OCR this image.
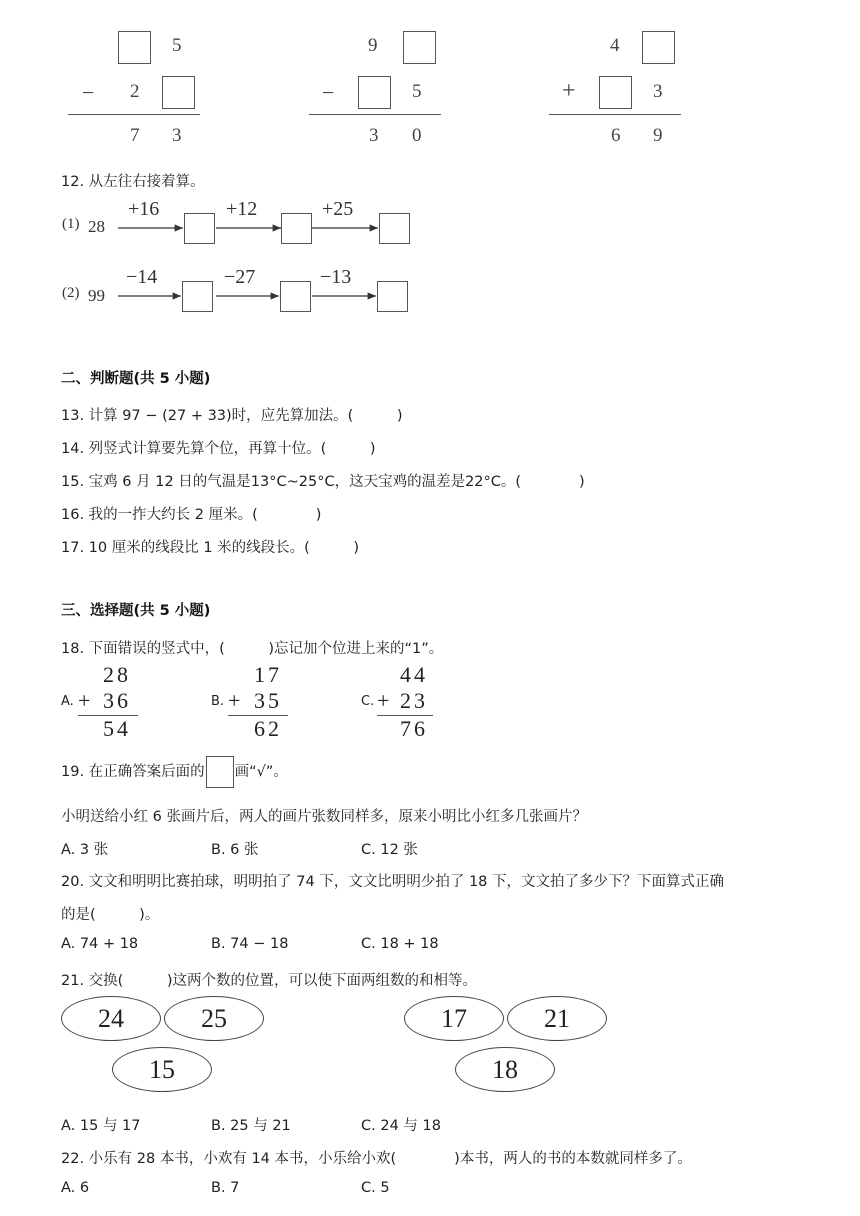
5
− 2
7 3
9
−	5
3 0
4
+	3
6 9
12. 从左往右接着算。
(1) 28
+16	+12	+25
(2) 99
−14	−27	−13
二、判断题(共 5 小题)
13. 计算 97 − (27 + 33)时，应先算加法。(　　　)
14. 列竖式计算要先算个位，再算十位。(　　　)
15. 宝鸡 6 月 12 日的气温是13°C~25°C，这天宝鸡的温差是22°C。(　　　　)
16. 我的一拃大约长 2 厘米。(　　　　)
17. 10 厘米的线段比 1 米的线段长。(　　　)
三、选择题(共 5 小题)
18. 下面错误的竖式中，(　　　)忘记加个位进上来的“1”。
A.
28
+ 36
54
B.
17
+ 35
62
C.
44
+ 23
76
19. 在正确答案后面的 画“√”。
小明送给小红 6 张画片后，两人的画片张数同样多，原来小明比小红多几张画片？
A. 3 张	B. 6 张	C. 12 张
20. 文文和明明比赛拍球，明明拍了 74 下，文文比明明少拍了 18 下，文文拍了多少下？下面算式正确
的是(　　　)。
A. 74 + 18	B. 74 − 18	C. 18 + 18
21. 交换(　　　)这两个数的位置，可以使下面两组数的和相等。
24	25
15
17	21
18
A. 15 与 17	B. 25 与 21	C. 24 与 18
22. 小乐有 28 本书，小欢有 14 本书，小乐给小欢(　　　　)本书，两人的书的本数就同样多了。
A. 6	B. 7	C. 5
